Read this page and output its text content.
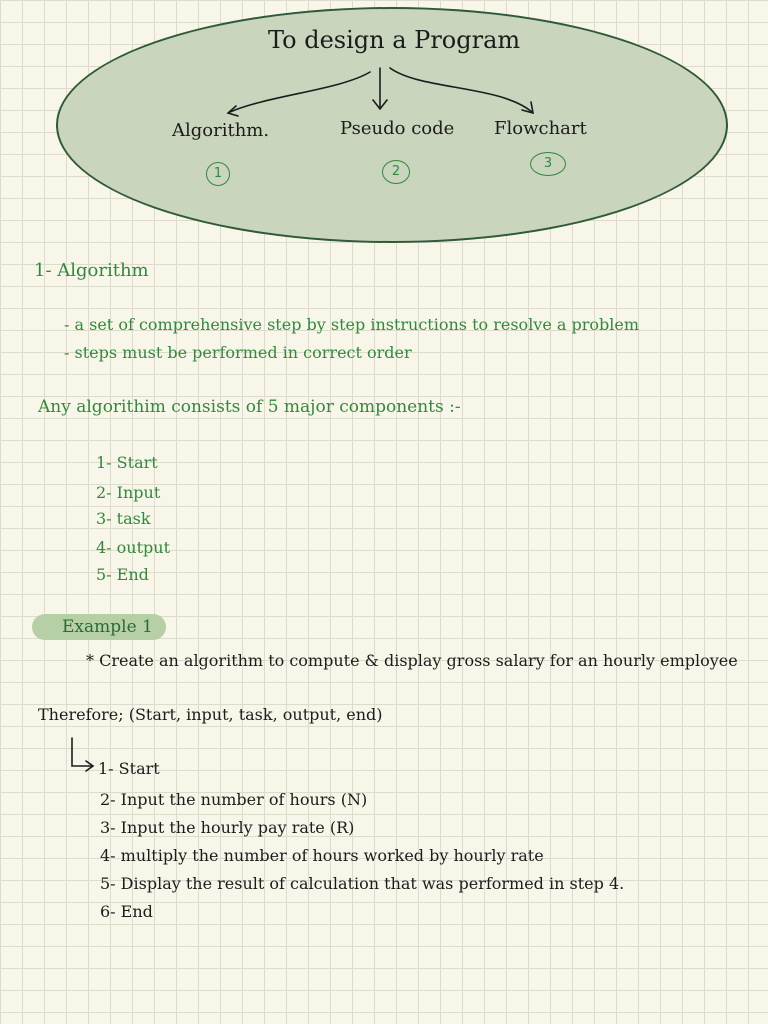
To design a Program
Algorithm.	Pseudo code Flowchart
1	2
3
1- Algorithm
- a set of comprehensive step by step instructions to resolve a problem
- steps must be performed in correct order
Any algorithim consists of 5 major components :-
1- Start
2- Input
3- task
4- output
5- End
Example 1
* Create an algorithm to compute & display gross salary for an hourly employee
Therefore; (Start, input, task, output, end)
1- Start
2- Input the number of hours (N)
3- Input the hourly pay rate (R)
4- multiply the number of hours worked by hourly rate
5- Display the result of calculation that was performed in step 4.
6- End
